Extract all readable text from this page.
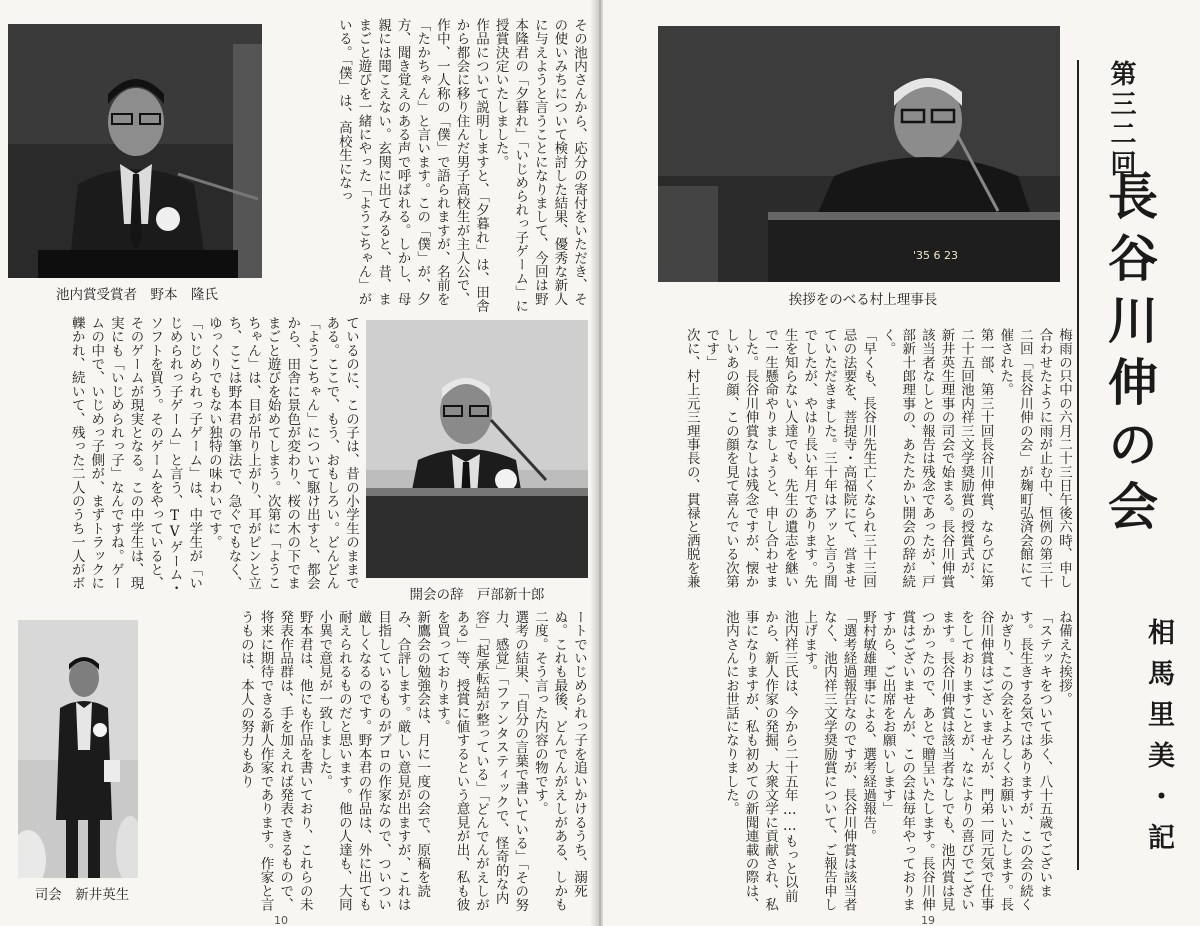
池内賞受賞者　野本　隆氏	その池内さんから、応分の寄付をいただき、その使いみちについて検討した結果、優秀な新人に与えようと言うことになりまして、今回は野本隆君の「夕暮れ」「いじめられっ子ゲーム」に授賞決定いたしました。
作品について説明しますと、「夕暮れ」は、田舎から都会に移り住んだ男子高校生が主人公で、作中、一人称の「僕」で語られますが、名前を「たかちゃん」と言います。この「僕」が、夕方、聞き覚えのある声で呼ばれる。しかし、母親には聞こえない。玄関に出てみると、昔、ままごと遊びを一緒にやった「ようこちゃん」がいる。「僕」は、高校生になっ
開会の辞　戸部新十郎
ているのに、この子は、昔の小学生のままである。ここで、もう、おもしろい。どんどん「ようこちゃん」について駆け出すと、都会から、田舎に景色が変わり、桜の木の下でままごと遊びを始めてしまう。次第に「ようこちゃん」は、目が吊り上がり、耳がピンと立ち、ここは野本君の筆法で、急ぐでもなく、ゆっくりでもない独特の味わいです。
「いじめられっ子ゲーム」は、中学生が「いじめられっ子ゲーム」と言う、TVゲーム・ソフトを買う。そのゲームをやっていると、そのゲームが現実となる。この中学生は、現実にも「いじめられっ子」なんですね。ゲームの中で、いじめっ子側が、まずトラックに轢かれ、続いて、残った二人のうち一人がボ
司会　新井英生	ートでいじめられっ子を追いかけるうち、溺死ぬ。これも最後、どんでんがえしがある、しかも二度。そう言った内容の物です。
選考の結果、「自分の言葉で書いている」「その努力、感覚」「ファンタスティックで、怪奇的な内容」「起承転結が整っている」「どんでんがえしがある」等、授賞に値するという意見が出、私も彼を買っております。
新鷹会の勉強会は、月に一度の会で、原稿を読み、合評します。厳しい意見が出ますが、これは目指しているものがプロの作家なので、ついつい厳しくなるのです。野本君の作品は、外に出ても耐えられるものだと思います。他の人達も、大同小異で意見が一致しました。
野本君は、他にも作品を書いており、これらの未発表作品群は、手を加えれば発表できるもので、将来に期待できる新人作家であります。作家と言うものは、本人の努力もあり
10
'35 6 23
挨拶をのべる村上理事長
第三二回
長谷川伸の会
相馬里美・記
梅雨の只中の六月二十三日午後六時、申し合わせたように雨が止む中、恒例の第三十二回「長谷川伸の会」が麹町弘済会館にて催された。
第一部、第三十回長谷川伸賞、ならびに第二十五回池内祥三文学奨励賞の授賞式が、新井英生理事の司会で始まる。長谷川伸賞該当者なしとの報告は残念であったが、戸部新十郎理事の、あたたかい開会の辞が続く。
「早くも、長谷川先生亡くなられ三十三回忌の法要を、菩提寺・高福院にて、営ませていただきました。三十年はアッと言う間でしたが、やはり長い年月であります。先生を知らない人達でも、先生の遺志を継いで一生懸命やりましょうと、申し合わせました。長谷川伸賞なしは残念ですが、懐かしいあの顔、この顔を見て喜んでいる次第です」
次に、村上元三理事長の、貫禄と洒脱を兼
ね備えた挨拶。
「ステッキをついて歩く、八十五歳でございます。長生きする気ではありますが、この会の続くかぎり、この会をよろしくお願いいたします。長谷川伸賞はございませんが、門弟一同元気で仕事をしておりますことが、なによりの喜びでございます。長谷川伸賞は該当者なしでも、池内賞は見つかったので、あとで贈呈いたします。長谷川伸賞はございませんが、この会は毎年やっておりますから、ご出席をお願いします」
野村敏雄理事による、選考経過報告。
「選考経過報告なのですが、長谷川伸賞は該当者なく、池内祥三文学奨励賞について、ご報告申し上げます。
池内祥三氏は、今から二十五年……もっと以前から、新人作家の発掘、大衆文学に貢献され、私事になりますが、私も初めての新聞連載の際は、池内さんにお世話になりました。
19
